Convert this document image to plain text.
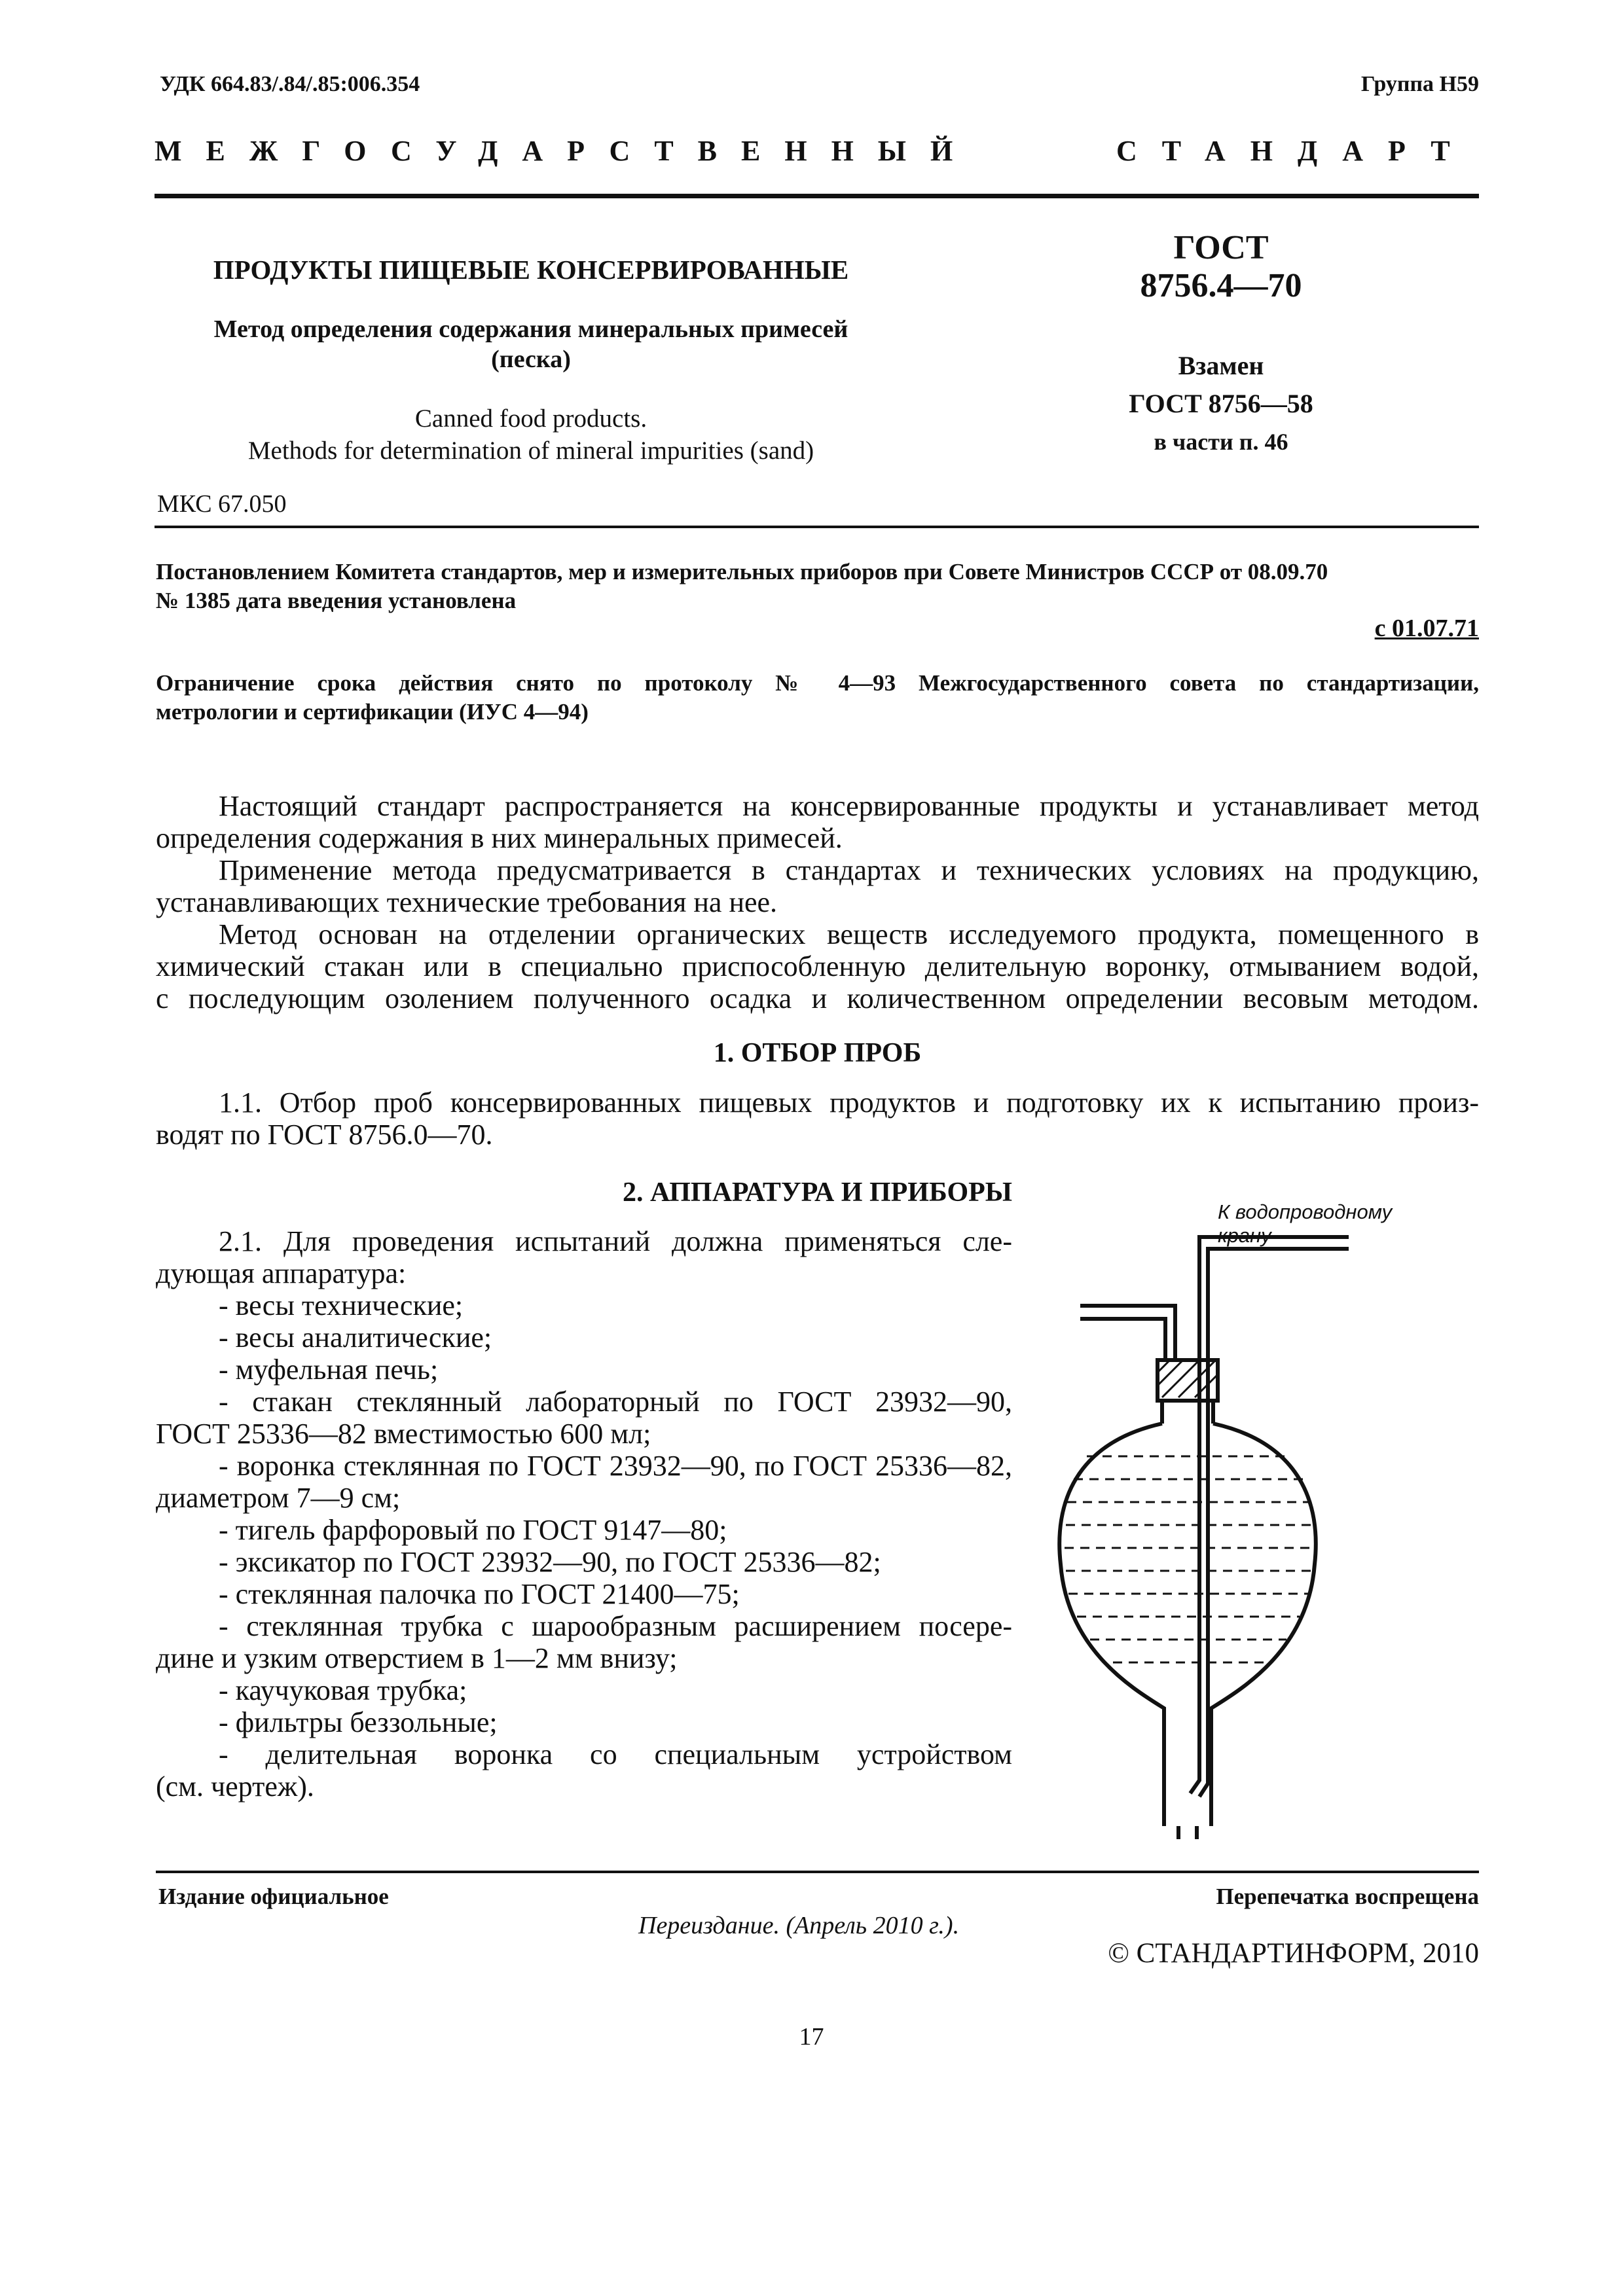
УДК 664.83/.84/.85:006.354	Группа Н59
МЕЖГОСУДАРСТВЕННЫЙ	СТАНДАРТ
ПРОДУКТЫ ПИЩЕВЫЕ КОНСЕРВИРОВАННЫЕ
Метод определения содержания минеральных примесей
(песка)
Canned food products.
Methods for determination of mineral impurities (sand)
ГОСТ
8756.4—70
Взамен
ГОСТ 8756—58
в части п. 46
МКС 67.050
Постановлением Комитета стандартов, мер и измерительных приборов при Совете Министров СССР от 08.09.70
№ 1385 дата введения установлена
с 01.07.71
Ограничение срока действия снято по протоколу № 4—93 Межгосударственного совета по стандартизации,
метрологии и сертификации (ИУС 4—94)

Настоящий стандарт распространяется на консервированные продукты и устанавливает метод

определения содержания в них минеральных примесей.

Применение метода предусматривается в стандартах и технических условиях на продукцию,

устанавливающих технические требования на нее.

Метод основан на отделении органических веществ исследуемого продукта, помещенного в

химический стакан или в специально приспособленную делительную воронку, отмыванием водой,

с последующим озолением полученного осадка и количественном определении весовым методом.

1. ОТБОР ПРОБ

1.1. Отбор проб консервированных пищевых продуктов и подготовку их к испытанию произ-

водят по ГОСТ 8756.0—70.

2. АППАРАТУРА И ПРИБОРЫ

2.1. Для проведения испытаний должна применяться сле-

дующая аппаратура:

- весы технические;

- весы аналитические;

- муфельная печь;

- стакан стеклянный лабораторный по ГОСТ 23932—90,

ГОСТ 25336—82 вместимостью 600 мл;

- воронка стеклянная по ГОСТ 23932—90, по ГОСТ 25336—82,

диаметром 7—9 см;

- тигель фарфоровый по ГОСТ 9147—80;

- эксикатор по ГОСТ 23932—90, по ГОСТ 25336—82;

- стеклянная палочка по ГОСТ 21400—75;

- стеклянная трубка с шарообразным расширением посере-

дине и узким отверстием в 1—2 мм внизу;

- каучуковая трубка;

- фильтры беззольные;

- делительная воронка со специальным устройством

(см. чертеж).

К водопроводному
крану
Издание официальное	Перепечатка воспрещена
Переиздание. (Апрель 2010 г.).
© СТАНДАРТИНФОРМ, 2010
17
